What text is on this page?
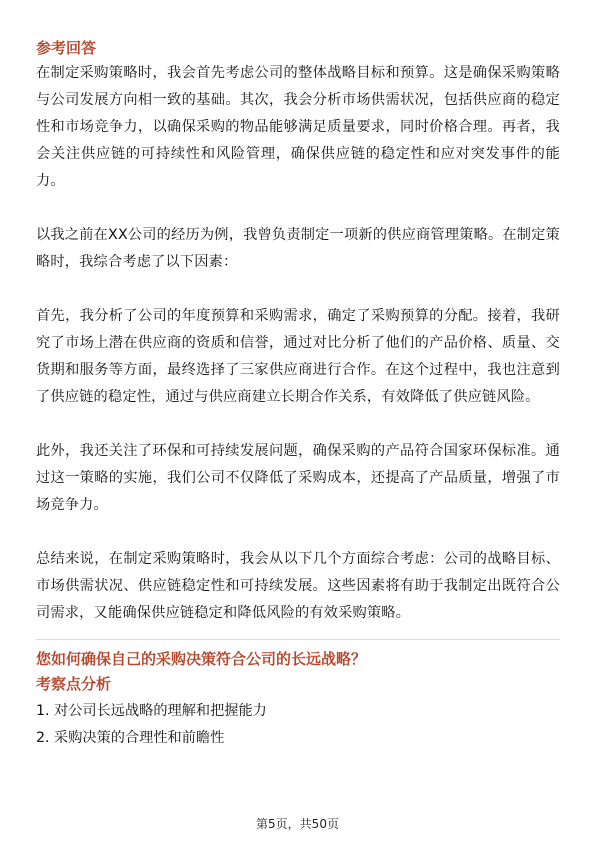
参考回答

在制定采购策略时，我会首先考虑公司的整体战略目标和预算。这是确保采购策略与公司发展方向相一致的基础。其次，我会分析市场供需状况，包括供应商的稳定性和市场竞争力，以确保采购的物品能够满足质量要求，同时价格合理。再者，我会关注供应链的可持续性和风险管理，确保供应链的稳定性和应对突发事件的能力。

以我之前在XX公司的经历为例，我曾负责制定一项新的供应商管理策略。在制定策略时，我综合考虑了以下因素：

首先，我分析了公司的年度预算和采购需求，确定了采购预算的分配。接着，我研究了市场上潜在供应商的资质和信誉，通过对比分析了他们的产品价格、质量、交货期和服务等方面，最终选择了三家供应商进行合作。在这个过程中，我也注意到了供应链的稳定性，通过与供应商建立长期合作关系，有效降低了供应链风险。

此外，我还关注了环保和可持续发展问题，确保采购的产品符合国家环保标准。通过这一策略的实施，我们公司不仅降低了采购成本，还提高了产品质量，增强了市场竞争力。

总结来说，在制定采购策略时，我会从以下几个方面综合考虑：公司的战略目标、市场供需状况、供应链稳定性和可持续发展。这些因素将有助于我制定出既符合公司需求，又能确保供应链稳定和降低风险的有效采购策略。

您如何确保自己的采购决策符合公司的长远战略？
考察点分析

1. 对公司长远战略的理解和把握能力

2. 采购决策的合理性和前瞻性

第5页，共50页
